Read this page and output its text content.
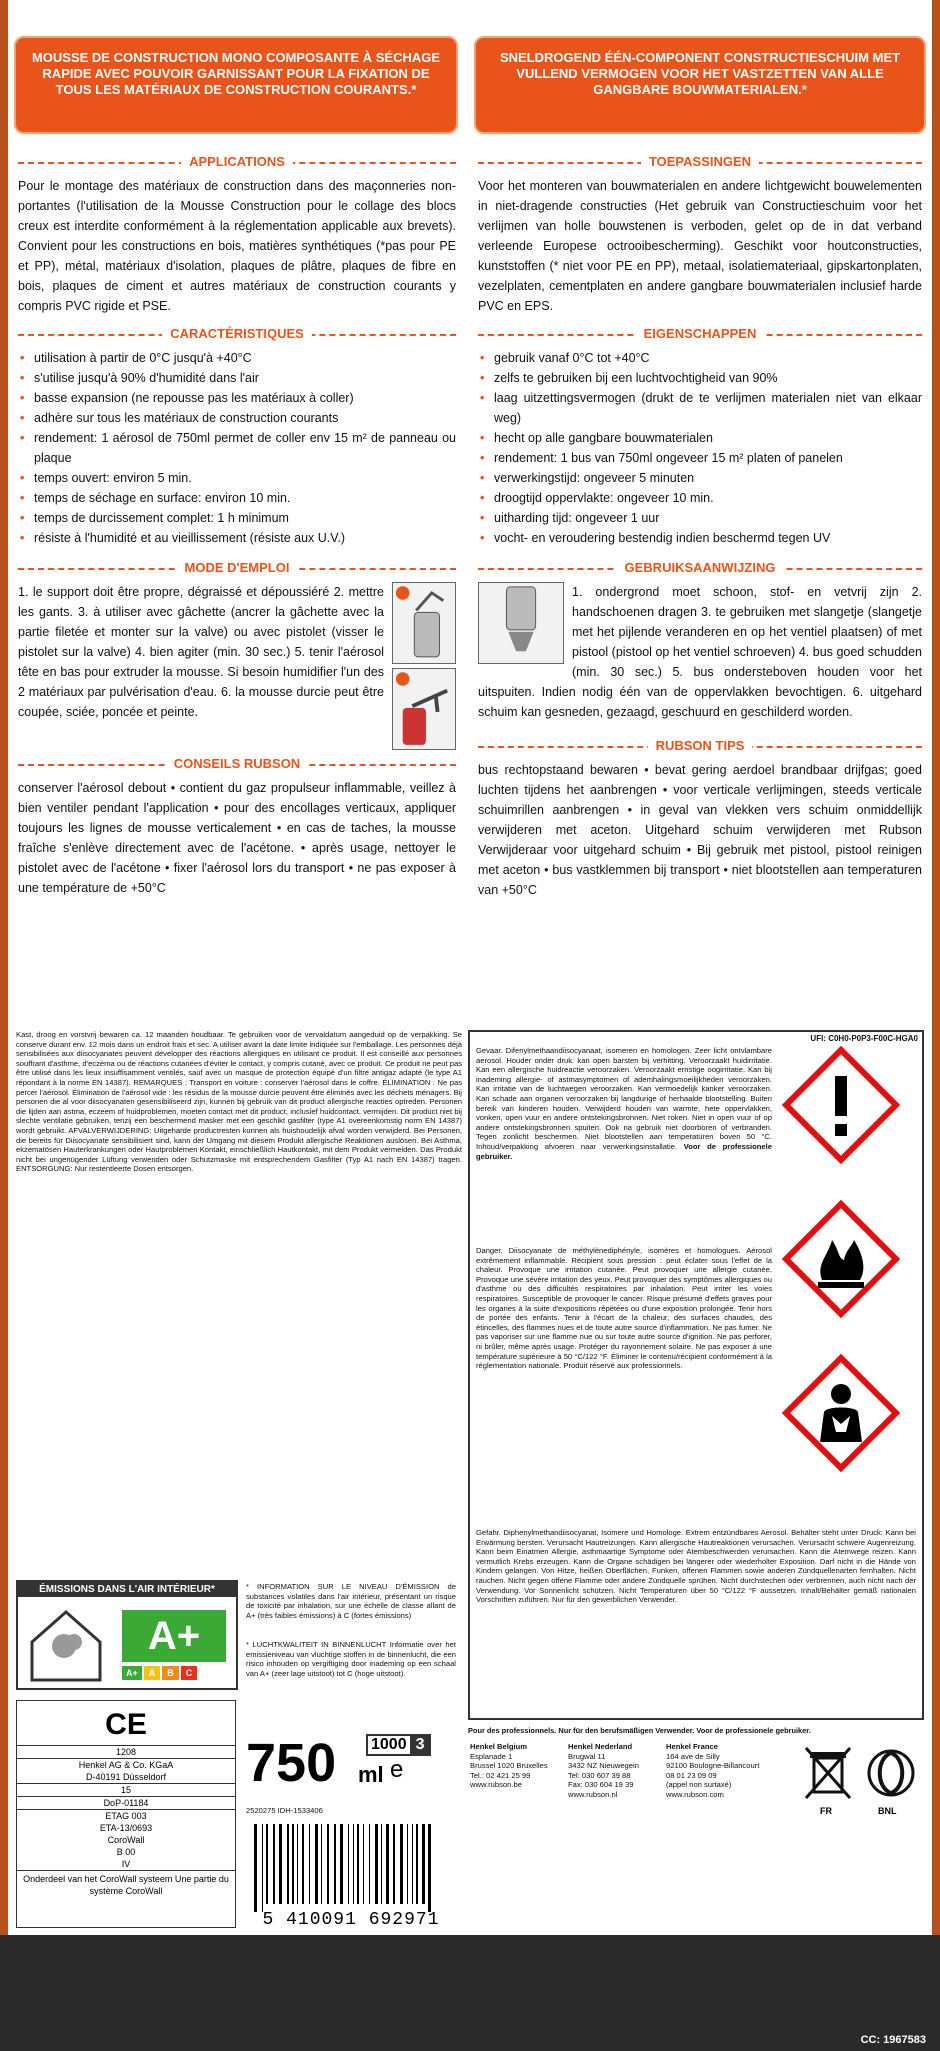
MOUSSE DE CONSTRUCTION MONO COMPOSANTE À SÉCHAGE RAPIDE AVEC POUVOIR GARNISSANT POUR LA FIXATION DE TOUS LES MATÉRIAUX DE CONSTRUCTION COURANTS.*
SNELDROGEND ÉÉN-COMPONENT CONSTRUCTIESCHUIM MET VULLEND VERMOGEN VOOR HET VASTZETTEN VAN ALLE GANGBARE BOUWMATERIALEN.*
APPLICATIONS

Pour le montage des matériaux de construction dans des maçonneries non-portantes (l'utilisation de la Mousse Construction pour le collage des blocs creux est interdite conformément à la réglementation applicable aux brevets). Convient pour les constructions en bois, matières synthétiques (*pas pour PE et PP), métal, matériaux d'isolation, plaques de plâtre, plaques de fibre en bois, plaques de ciment et autres matériaux de construction courants y compris PVC rigide et PSE.

CARACTÉRISTIQUES
• utilisation à partir de 0°C jusqu'à +40°C
• s'utilise jusqu'à 90% d'humidité dans l'air
• basse expansion (ne repousse pas les matériaux à coller)
• adhère sur tous les matériaux de construction courants
• rendement: 1 aérosol de 750ml permet de coller env 15 m² de panneau ou plaque
• temps ouvert: environ 5 min.
• temps de séchage en surface: environ 10 min.
• temps de durcissement complet: 1 h minimum
• résiste à l'humidité et au vieillissement (résiste aux U.V.)
MODE D'EMPLOI

1. le support doit être propre, dégraissé et dépoussiéré 2. mettre les gants. 3. à utiliser avec gâchette (ancrer la gâchette avec la partie filetée et monter sur la valve) ou avec pistolet (visser le pistolet sur la valve) 4. bien agiter (min. 30 sec.) 5. tenir l'aérosol tête en bas pour extruder la mousse. Si besoin humidifier l'un des 2 matériaux par pulvérisation d'eau. 6. la mousse durcie peut être coupée, sciée, poncée et peinte.

CONSEILS RUBSON

conserver l'aérosol debout • contient du gaz propulseur inflammable, veillez à bien ventiler pendant l'application • pour des encollages verticaux, appliquer toujours les lignes de mousse verticalement • en cas de taches, la mousse fraîche s'enlève directement avec de l'acétone. • après usage, nettoyer le pistolet avec de l'acétone • fixer l'aérosol lors du transport • ne pas exposer à une température de +50°C

TOEPASSINGEN

Voor het monteren van bouwmaterialen en andere lichtgewicht bouwelementen in niet-dragende constructies (Het gebruik van Constructieschuim voor het verlijmen van holle bouwstenen is verboden, gelet op de in dat verband verleende Europese octrooibescherming). Geschikt voor houtconstructies, kunststoffen (* niet voor PE en PP), metaal, isolatiemateriaal, gipskartonplaten, vezelplaten, cementplaten en andere gangbare bouwmaterialen inclusief harde PVC en EPS.

EIGENSCHAPPEN
• gebruik vanaf 0°C tot +40°C
• zelfs te gebruiken bij een luchtvochtigheid van 90%
• laag uitzettingsvermogen (drukt de te verlijmen materialen niet van elkaar weg)
• hecht op alle gangbare bouwmaterialen
• rendement: 1 bus van 750ml ongeveer 15 m² platen of panelen
• verwerkingstijd: ongeveer 5 minuten
• droogtijd oppervlakte: ongeveer 10 min.
• uitharding tijd: ongeveer 1 uur
• vocht- en veroudering bestendig indien beschermd tegen UV
GEBRUIKSAANWIJZING

1. ondergrond moet schoon, stof- en vetvrij zijn 2. handschoenen dragen 3. te gebruiken met slangetje (slangetje met het pijlende veranderen en op het ventiel plaatsen) of met pistool (pistool op het ventiel schroeven) 4. bus goed schudden (min. 30 sec.) 5. bus ondersteboven houden voor het uitspuiten. Indien nodig één van de oppervlakken bevochtigen. 6. uitgehard schuim kan gesneden, gezaagd, geschuurd en geschilderd worden.

RUBSON TIPS

bus rechtopstaand bewaren • bevat gering aerdoel brandbaar drijfgas; goed luchten tijdens het aanbrengen • voor verticale verlijmingen, steeds verticale schuimrillen aanbrengen • in geval van vlekken vers schuim onmiddellijk verwijderen met aceton. Uitgehard schuim verwijderen met Rubson Verwijderaar voor uitgehard schuim • Bij gebruik met pistool, pistool reinigen met aceton • bus vastklemmen bij transport • niet blootstellen aan temperaturen van +50°C

Kast, droog en vorstvrij bewaren ca. 12 maanden houdbaar. Te gebruiken voor de vervaldatum aangeduid op de verpakking. Se conserve durant env. 12 mois dans un endroit frais et sec. A utiliser avant la date limite indiquée sur l'emballage. Les personnes déjà sensibilisées aux diisocyanates peuvent développer des réactions allergiques en utilisant ce produit. Il est conseillé aux personnes souffrant d'asthme, d'eczéma ou de réactions cutanées d'éviter le contact, y compris cutané, avec ce produit. Ce produit ne peut pas être utilisé dans les lieux insuffisamment ventilés, sauf avec un masque de protection équipé d'un filtre antigaz adapté (le type A1 répondant à la norme EN 14387). REMARQUES : Transport en voiture : conserver l'aérosol dans le coffre. ÉLIMINATION : Ne pas percer l'aérosol. Élimination de l'aérosol vide : les résidus de la mousse durcie peuvent être éliminés avec les déchets ménagers. Bij personen die al voor diisocyanaten gesensibiliseerd zijn, kunnen bij gebruik van dit product allergische reacties optreden. Personen die lijden aan astma, eczeem of huidproblemen, moeten contact met dit product, inclusief huidcontact, vermijden. Dit product niet bij slechte ventilatie gebruiken, tenzij een beschermend masker met een geschikt gasfilter (type A1 overeenkomstig norm EN 14387) wordt gebruikt. AFVALVERWIJDERING: Uitgeharde productresten kunnen als huishoudelijk afval worden verwijderd. Bei Personen, die bereits für Diisocyanate sensibilisiert sind, kann der Umgang mit diesem Produkt allergische Reaktionen auslösen. Bei Asthma, ekzematösen Hauterkrankungen oder Hautproblemen Kontakt, einschließlich Hautkontakt, mit dem Produkt vermeiden. Das Produkt nicht bei ungenügender Lüftung verwenden oder Schutzmaske mit entsprechendem Gasfilter (Typ A1 nach EN 14387) tragen. ENTSORGUNG: Nur restentleerte Dosen entsorgen.
ÉMISSIONS DANS L'AIR INTÉRIEUR*
A+
A+	A	B	C
* INFORMATION SUR LE NIVEAU D'ÉMISSION de substances volatiles dans l'air intérieur, présentant un risque de toxicité par inhalation, sur une échelle de classe allant de A+ (très faibles émissions) à C (fortes émissions)
* LUCHTKWALITEIT IN BINNENLUCHT Informatie over het emissieniveau van vluchtige stoffen in de binnenlucht, die een risico inhouden op vergiftiging door inademing op een schaal van A+ (zeer lage uitstoot) tot C (hoge uitstoot).
CE
1208
Henkel AG & Co. KGaA
D-40191 Düsseldorf
15
DoP-01184
ETAG 003
ETA-13/0693
CoroWall
B 00
IV
Onderdeel van het CoroWall systeem Une partie du système CoroWall
750 ml e
1000 3
2520275 IDH-1533406
5 410091 692971
UFI: C0H0-P0P3-F00C-HGA0
Gevaar. Difenylmethaandiisocyanaat, isomeren en homologen. Zeer licht ontvlambare aerosol. Houder onder druk: kan open barsten bij verhitting. Veroorzaakt huidirritatie. Kan een allergische huidreactie veroorzaken. Veroorzaakt ernstige oogirritatie. Kan bij inademing allergie- of astmasymptomen of ademhalingsmoeilijkheden veroorzaken. Kan irritatie van de luchtwegen veroorzaken. Kan vermoedelijk kanker veroorzaken. Kan schade aan organen veroorzaken bij langdurige of herhaalde blootstelling. Buiten bereik van kinderen houden. Verwijderd houden van warmte, hete oppervlakken, vonken, open vuur en andere ontstekingsbronnen. Niet roken. Niet in open vuur of op andere ontstekingsbronnen spuiten. Ook na gebruik niet doorboren of verbranden. Tegen zonlicht beschermen. Niet blootstellen aan temperaturen boven 50 °C. Inhoud/verpakking afvoeren naar verwerkingsinstallatie. Voor de professionele gebruiker.
Danger. Diisocyanate de méthylènediphényle, isomères et homologues. Aérosol extrêmement inflammable. Récipient sous pression : peut éclater sous l'effet de la chaleur. Provoque une irritation cutanée. Peut provoquer une allergie cutanée. Provoque une sévère irritation des yeux. Peut provoquer des symptômes allergiques ou d'asthme ou des difficultés respiratoires par inhalation. Peut irriter les voies respiratoires. Susceptible de provoquer le cancer. Risque présumé d'effets graves pour les organes à la suite d'expositions répétées ou d'une exposition prolongée. Tenir hors de portée des enfants. Tenir à l'écart de la chaleur, des surfaces chaudes, des étincelles, des flammes nues et de toute autre source d'inflammation. Ne pas fumer. Ne pas vaporiser sur une flamme nue ou sur toute autre source d'ignition. Ne pas perforer, ni brûler, même après usage. Protéger du rayonnement solaire. Ne pas exposer à une température supérieure à 50 °C/122 °F. Éliminer le contenu/récipient conformément à la réglementation nationale. Produit réservé aux professionnels.
Gefahr. Diphenylmethandiisocyanat, Isomere und Homologe. Extrem entzündbares Aerosol. Behälter steht unter Druck: Kann bei Erwärmung bersten. Verursacht Hautreizungen. Kann allergische Hautreaktionen verursachen. Verursacht schwere Augenreizung. Kann beim Einatmen Allergie, asthmaartige Symptome oder Atembeschwerden verursachen. Kann die Atemwege reizen. Kann vermutlich Krebs erzeugen. Kann die Organe schädigen bei längerer oder wiederholter Exposition. Darf nicht in die Hände von Kindern gelangen. Von Hitze, heißen Oberflächen, Funken, offenen Flammen sowie anderen Zündquellenarten fernhalten. Nicht rauchen. Nicht gegen offene Flamme oder andere Zündquelle sprühen. Nicht durchstechen oder verbrennen, auch nicht nach der Verwendung. Vor Sonnenlicht schützen. Nicht Temperaturen über 50 °C/122 °F aussetzen. Inhalt/Behälter gemäß nationalen Vorschriften zuführen. Nur für den gewerblichen Verwender.
Pour des professionnels. Nur für den berufsmäßigen Verwender. Voor de professionele gebruiker.
Henkel Belgium
Esplanade 1
Brussel 1020 Bruxelles
Tel.: 02 421 25 99
www.rubson.be
Henkel Nederland
Brugwal 11
3432 NZ Nieuwegein
Tel: 030 607 39 88
Fax: 030 604 19 39
www.rubson.nl
Henkel France
164 ave de Silly
92100 Boulogne-Billancourt
08 01 23 09 09
(appel non surtaxé)
www.rubson.com
FR	BNL
CC: 1967583
